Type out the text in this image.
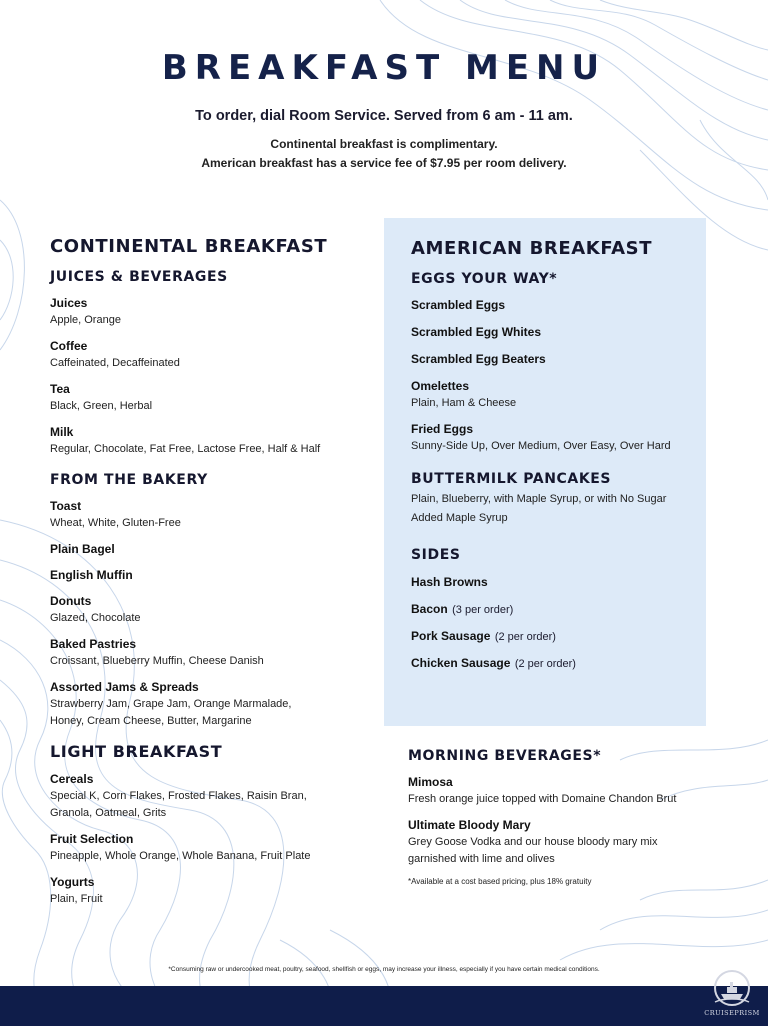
BREAKFAST MENU
To order, dial Room Service. Served from 6 am - 11 am.
Continental breakfast is complimentary.
American breakfast has a service fee of $7.95 per room delivery.
CONTINENTAL BREAKFAST
JUICES & BEVERAGES
Juices
Apple, Orange
Coffee
Caffeinated, Decaffeinated
Tea
Black, Green, Herbal
Milk
Regular, Chocolate, Fat Free, Lactose Free, Half & Half
FROM THE BAKERY
Toast
Wheat, White, Gluten-Free
Plain Bagel
English Muffin
Donuts
Glazed, Chocolate
Baked Pastries
Croissant, Blueberry Muffin, Cheese Danish
Assorted Jams & Spreads
Strawberry Jam, Grape Jam, Orange Marmalade,
Honey, Cream Cheese, Butter, Margarine
LIGHT BREAKFAST
Cereals
Special K, Corn Flakes, Frosted Flakes, Raisin Bran,
Granola, Oatmeal, Grits
Fruit Selection
Pineapple, Whole Orange, Whole Banana, Fruit Plate
Yogurts
Plain, Fruit
AMERICAN BREAKFAST
EGGS YOUR WAY*
Scrambled Eggs
Scrambled Egg Whites
Scrambled Egg Beaters
Omelettes
Plain, Ham & Cheese
Fried Eggs
Sunny-Side Up, Over Medium, Over Easy, Over Hard
BUTTERMILK PANCAKES
Plain, Blueberry, with Maple Syrup, or with No Sugar
Added Maple Syrup
SIDES
Hash Browns
Bacon (3 per order)
Pork Sausage (2 per order)
Chicken Sausage (2 per order)
MORNING BEVERAGES*
Mimosa
Fresh orange juice topped with Domaine Chandon Brut
Ultimate Bloody Mary
Grey Goose Vodka and our house bloody mary mix
garnished with lime and olives
*Available at a cost based pricing, plus 18% gratuity
*Consuming raw or undercooked meat, poultry, seafood, shellfish or eggs, may increase your illness, especially if you have certain medical conditions.
CRUISEPRISM
